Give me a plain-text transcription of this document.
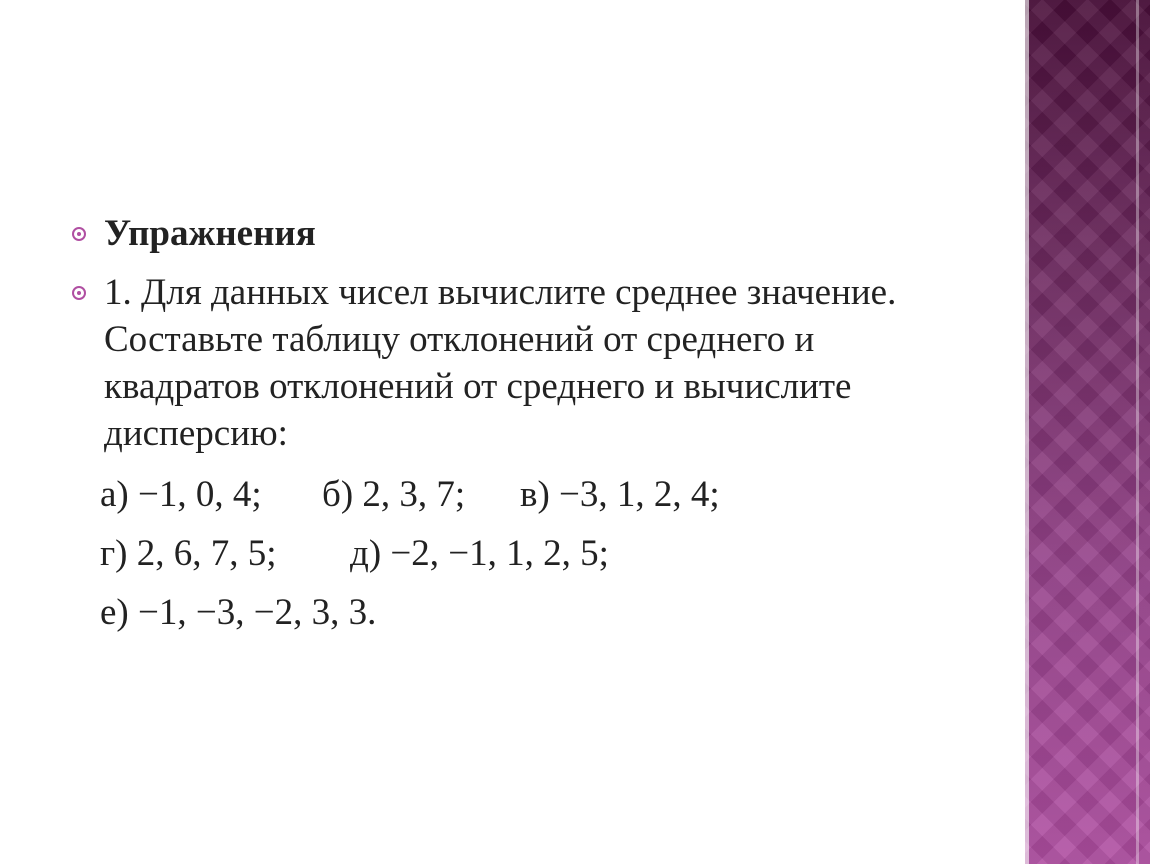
Упражнения
1. Для данных чисел вычислите среднее значение. Составьте таблицу отклонений от среднего и квадратов отклонений от среднего и вычислите дисперсию:
а) −1, 0, 4; б) 2, 3, 7; в) −3, 1, 2, 4;
г) 2, 6, 7, 5; д) −2, −1, 1, 2, 5;
е) −1, −3, −2, 3, 3.
